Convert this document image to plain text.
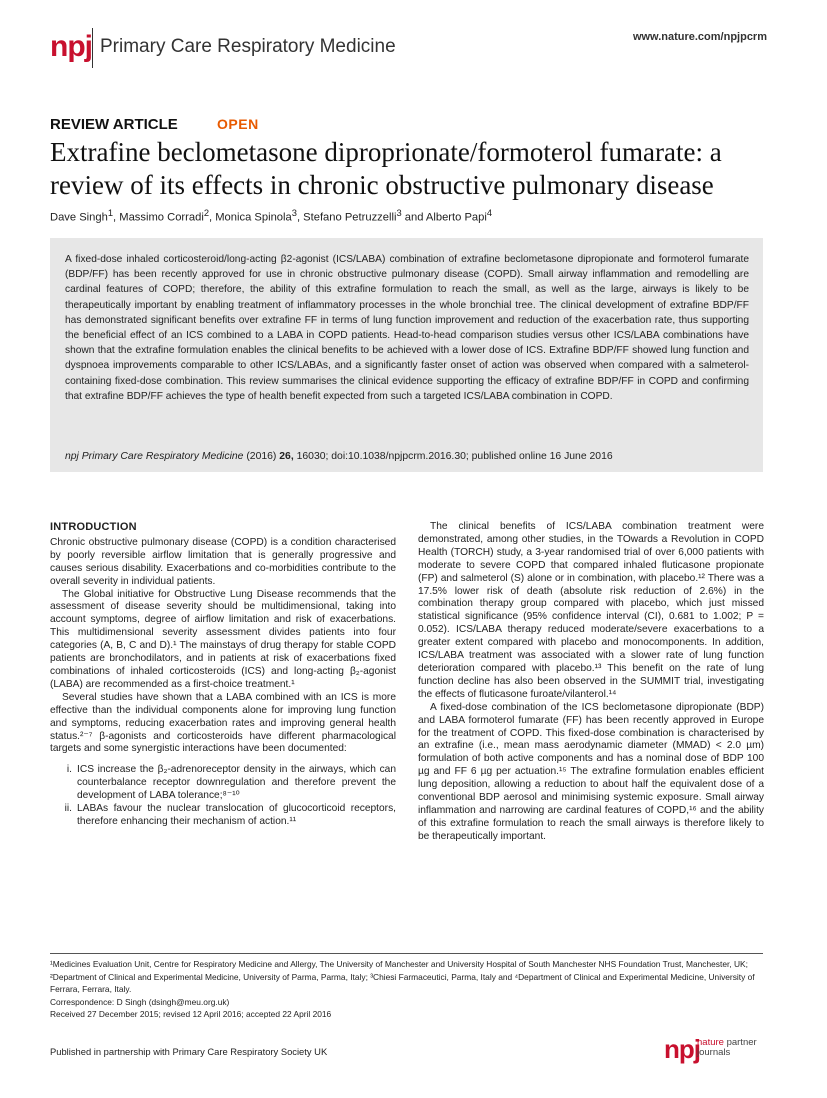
npj Primary Care Respiratory Medicine	www.nature.com/npjpcrm
REVIEW ARTICLE	OPEN
Extrafine beclometasone diproprionate/formoterol fumarate: a review of its effects in chronic obstructive pulmonary disease
Dave Singh$^1$, Massimo Corradi$^2$, Monica Spinola$^3$, Stefano Petruzzelli$^3$ and Alberto Papi$^4$
A fixed-dose inhaled corticosteroid/long-acting β2-agonist (ICS/LABA) combination of extrafine beclometasone dipropionate and formoterol fumarate (BDP/FF) has been recently approved for use in chronic obstructive pulmonary disease (COPD). Small airway inflammation and remodelling are cardinal features of COPD; therefore, the ability of this extrafine formulation to reach the small, as well as the large, airways is likely to be therapeutically important by enabling treatment of inflammatory processes in the whole bronchial tree. The clinical development of extrafine BDP/FF has demonstrated significant benefits over extrafine FF in terms of lung function improvement and reduction of the exacerbation rate, thus supporting the beneficial effect of an ICS combined to a LABA in COPD patients. Head-to-head comparison studies versus other ICS/LABA combinations have shown that the extrafine formulation enables the clinical benefits to be achieved with a lower dose of ICS. Extrafine BDP/FF showed lung function and dyspnoea improvements comparable to other ICS/LABAs, and a significantly faster onset of action was observed when compared with a salmeterol-containing fixed-dose combination. This review summarises the clinical evidence supporting the efficacy of extrafine BDP/FF in COPD and confirming that extrafine BDP/FF achieves the type of health benefit expected from such a targeted ICS/LABA combination in COPD.
npj Primary Care Respiratory Medicine (2016) 26, 16030; doi:10.1038/npjpcrm.2016.30; published online 16 June 2016
INTRODUCTION

Chronic obstructive pulmonary disease (COPD) is a condition characterised by poorly reversible airflow limitation that is generally progressive and causes serious disability. Exacerbations and co-morbidities contribute to the overall severity in individual patients.

The Global initiative for Obstructive Lung Disease recommends that the assessment of disease severity should be multidimensional, taking into account symptoms, degree of airflow limitation and risk of exacerbations. This multidimensional severity assessment divides patients into four categories (A, B, C and D).¹ The mainstays of drug therapy for stable COPD patients are bronchodilators, and in patients at risk of exacerbations fixed combinations of inhaled corticosteroids (ICS) and long-acting β₂-agonist (LABA) are recommended as a first-choice treatment.¹

Several studies have shown that a LABA combined with an ICS is more effective than the individual components alone for improving lung function and symptoms, reducing exacerbation rates and improving general health status.²⁻⁷ β-agonists and corticosteroids have different pharmacological targets and some synergistic interactions have been documented:

i. ICS increase the β₂-adrenoreceptor density in the airways, which can counterbalance receptor downregulation and therefore prevent the development of LABA tolerance;⁸⁻¹⁰
ii. LABAs favour the nuclear translocation of glucocorticoid receptors, therefore enhancing their mechanism of action.¹¹

The clinical benefits of ICS/LABA combination treatment were demonstrated, among other studies, in the TOwards a Revolution in COPD Health (TORCH) study, a 3-year randomised trial of over 6,000 patients with moderate to severe COPD that compared inhaled fluticasone propionate (FP) and salmeterol (S) alone or in combination, with placebo.¹² There was a 17.5% lower risk of death (absolute risk reduction of 2.6%) in the combination therapy group compared with placebo, which just missed statistical significance (95% confidence interval (CI), 0.681 to 1.002; P = 0.052). ICS/LABA therapy reduced moderate/severe exacerbations to a greater extent compared with placebo and monocomponents. In addition, ICS/LABA treatment was associated with a slower rate of lung function deterioration compared with placebo.¹³ This benefit on the rate of lung function decline has also been observed in the SUMMIT trial, investigating the effects of fluticasone furoate/vilanterol.¹⁴

A fixed-dose combination of the ICS beclometasone dipropionate (BDP) and LABA formoterol fumarate (FF) has been recently approved in Europe for the treatment of COPD. This fixed-dose combination is characterised by an extrafine (i.e., mean mass aerodynamic diameter (MMAD) < 2.0 µm) formulation of both active components and has a nominal dose of BDP 100 µg and FF 6 µg per actuation.¹⁵ The extrafine formulation enables efficient lung deposition, allowing a reduction to about half the equivalent dose of a conventional BDP aerosol and minimising systemic exposure. Small airway inflammation and narrowing are cardinal features of COPD,¹⁶ and the ability of this extrafine formulation to reach the small airways is therefore likely to be therapeutically important.

¹Medicines Evaluation Unit, Centre for Respiratory Medicine and Allergy, The University of Manchester and University Hospital of South Manchester NHS Foundation Trust, Manchester, UK; ²Department of Clinical and Experimental Medicine, University of Parma, Parma, Italy; ³Chiesi Farmaceutici, Parma, Italy and ⁴Department of Clinical and Experimental Medicine, University of Ferrara, Ferrara, Italy.
Correspondence: D Singh (dsingh@meu.org.uk)
Received 27 December 2015; revised 12 April 2016; accepted 22 April 2016
Published in partnership with Primary Care Respiratory Society UK	npj
nature partner
journals
